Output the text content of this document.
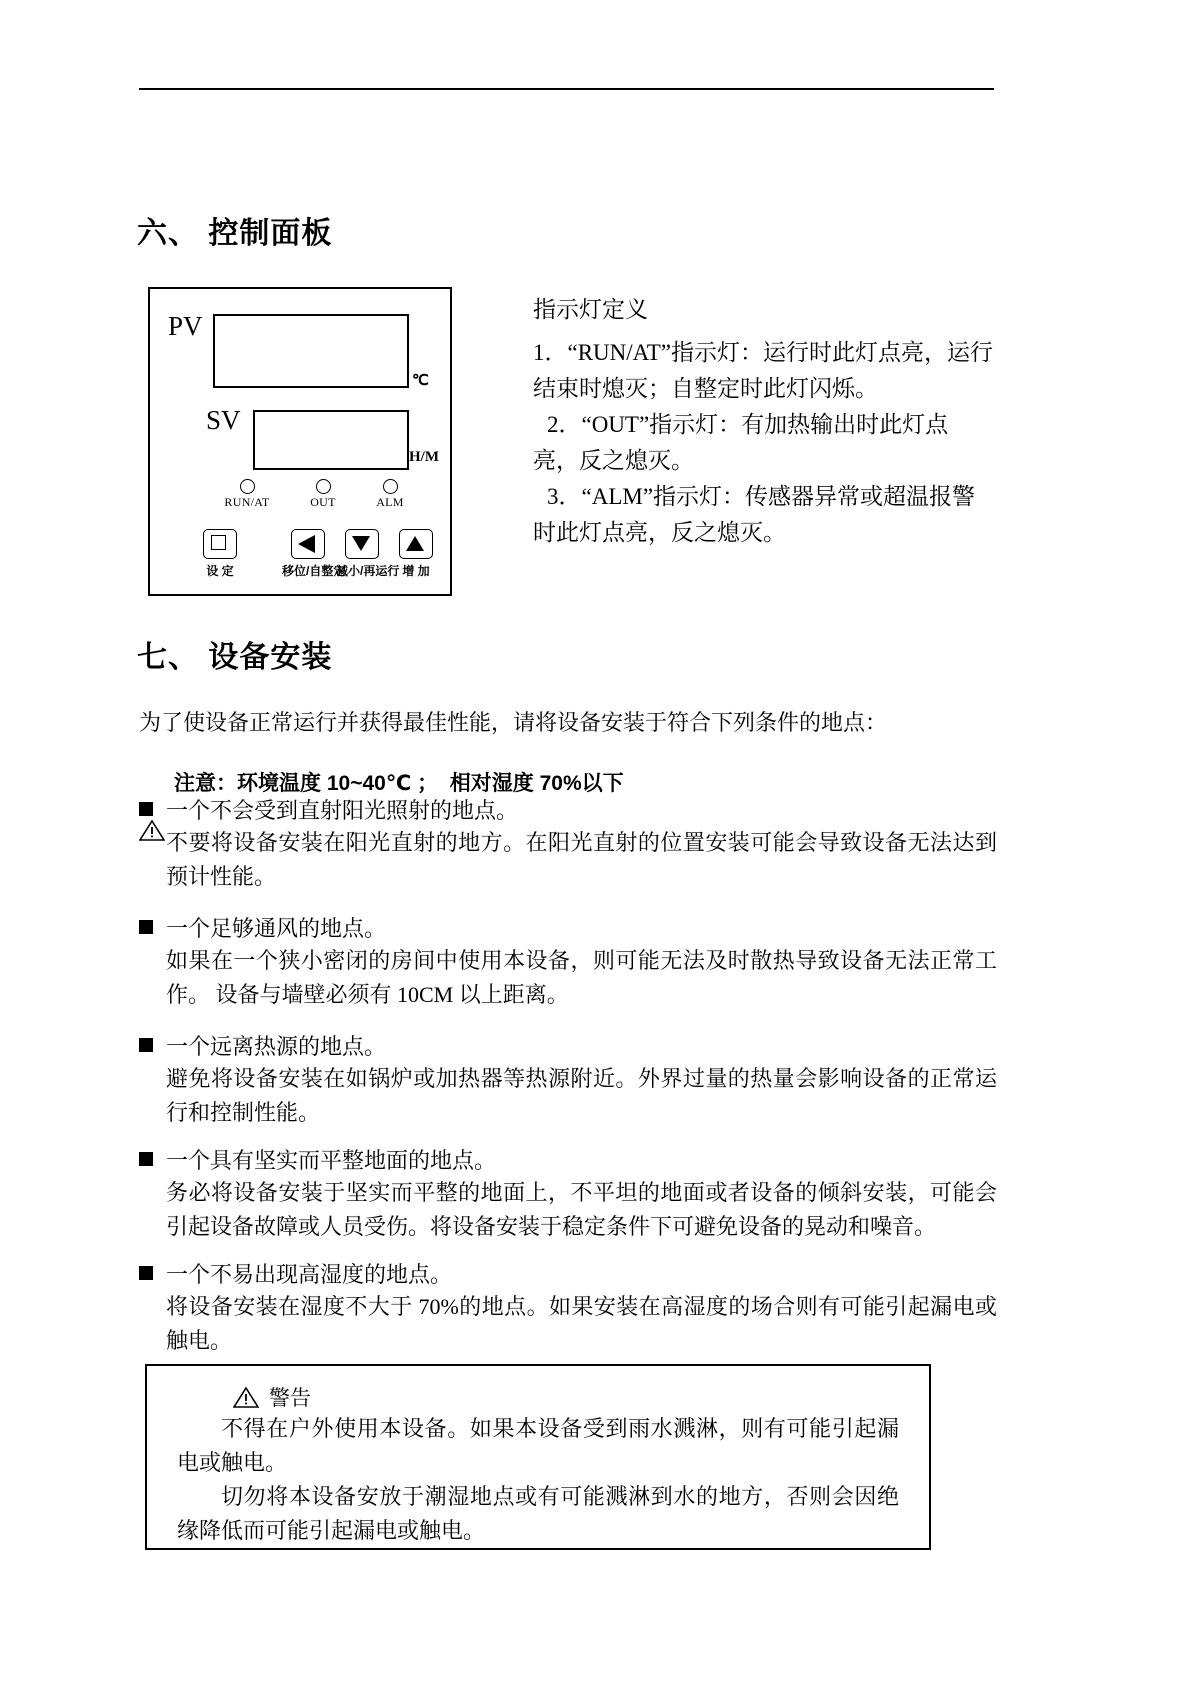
六、 控制面板
PV
℃
SV
H/M
RUN/AT	OUT	ALM
设 定	移位/自整定
减小/再运行 增 加
指示灯定义
1．“RUN/AT”指示灯：运行时此灯点亮，运行结束时熄灭；自整定时此灯闪烁。
2．“OUT”指示灯：有加热输出时此灯点亮，反之熄灭。
3．“ALM”指示灯：传感器异常或超温报警时此灯点亮，反之熄灭。
七、 设备安装
为了使设备正常运行并获得最佳性能，请将设备安装于符合下列条件的地点：

注意：环境温度 10~40℃ ；  相对湿度 70%以下
一个不会受到直射阳光照射的地点。
不要将设备安装在阳光直射的地方。在阳光直射的位置安装可能会导致设备无法达到预计性能。
一个足够通风的地点。
如果在一个狭小密闭的房间中使用本设备，则可能无法及时散热导致设备无法正常工作。 设备与墙壁必须有 10CM 以上距离。
一个远离热源的地点。
避免将设备安装在如锅炉或加热器等热源附近。外界过量的热量会影响设备的正常运行和控制性能。
一个具有坚实而平整地面的地点。
务必将设备安装于坚实而平整的地面上，不平坦的地面或者设备的倾斜安装，可能会引起设备故障或人员受伤。将设备安装于稳定条件下可避免设备的晃动和噪音。
一个不易出现高湿度的地点。
将设备安装在湿度不大于 70%的地点。如果安装在高湿度的场合则有可能引起漏电或触电。
警告
不得在户外使用本设备。如果本设备受到雨水溅淋，则有可能引起漏电或触电。
切勿将本设备安放于潮湿地点或有可能溅淋到水的地方，否则会因绝缘降低而可能引起漏电或触电。
